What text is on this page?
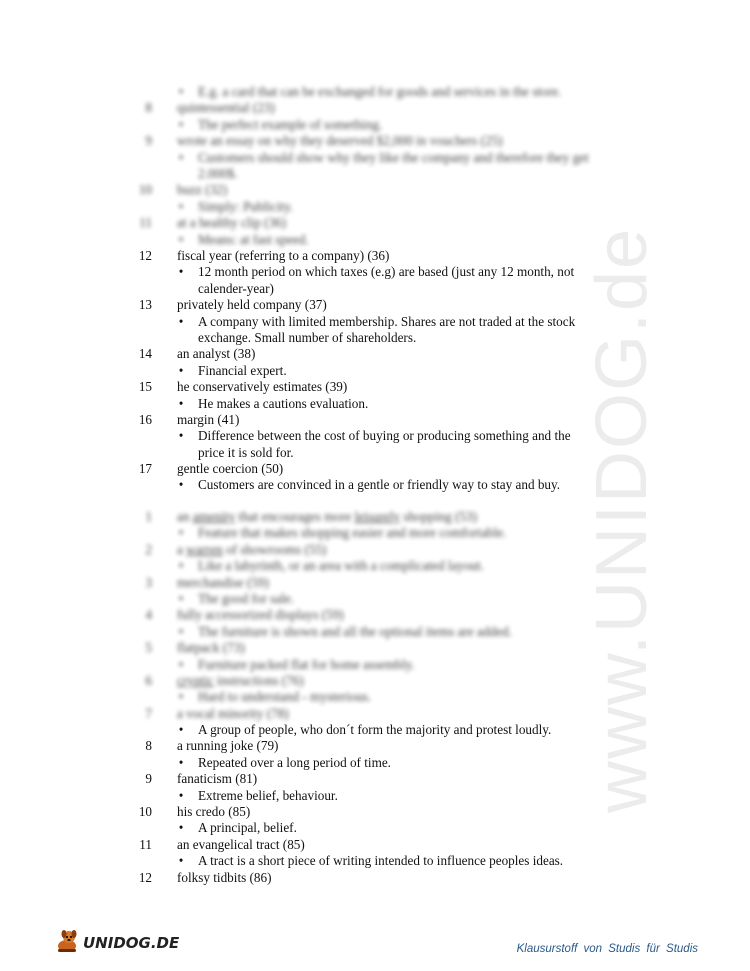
www.UNIDOG.de
• E.g. a card that can be exchanged for goods and services in the store.
8 quintessential (23)
• The perfect example of something.
9 wrote an essay on why they deserved $2,000 in vouchers (25)
• Customers should show why they like the company and therefore they get
2.000$.
10 buzz (32)
• Simply: Publicity.
11 at a healthy clip (36)
• Means: at fast speed.
12 fiscal year (referring to a company) (36)
• 12 month period on which taxes (e.g) are based (just any 12 month, not
calender-year)
13 privately held company (37)
• A company with limited membership. Shares are not traded at the stock
exchange. Small number of shareholders.
14 an analyst (38)
• Financial expert.
15 he conservatively estimates (39)
• He makes a cautions evaluation.
16 margin (41)
• Difference between the cost of buying or producing something and the
price it is sold for.
17 gentle coercion (50)
• Customers are convinced in a gentle or friendly way to stay and buy.
1 an amenity that encourages more leisurely shopping (53)
• Feature that makes shopping easier and more comfortable.
2 a warren of showrooms (55)
• Like a labyrinth, or an area with a complicated layout.
3 merchandise (59)
• The good for sale.
4 fully accessorized displays (59)
• The furniture is shown and all the optional items are added.
5 flatpack (73)
• Furniture packed flat for home assembly.
6 cryptic instructions (76)
• Hard to understand - mysterious.
7 a vocal minority (78)
• A group of people, who don´t form the majority and protest loudly.
8 a running joke (79)
• Repeated over a long period of time.
9 fanaticism (81)
• Extreme belief, behaviour.
10 his credo (85)
• A principal, belief.
11 an evangelical tract (85)
• A tract is a short piece of writing intended to influence peoples ideas.
12 folksy tidbits (86)
UNIDOG.DE	Klausurstoff von Studis für Studis
